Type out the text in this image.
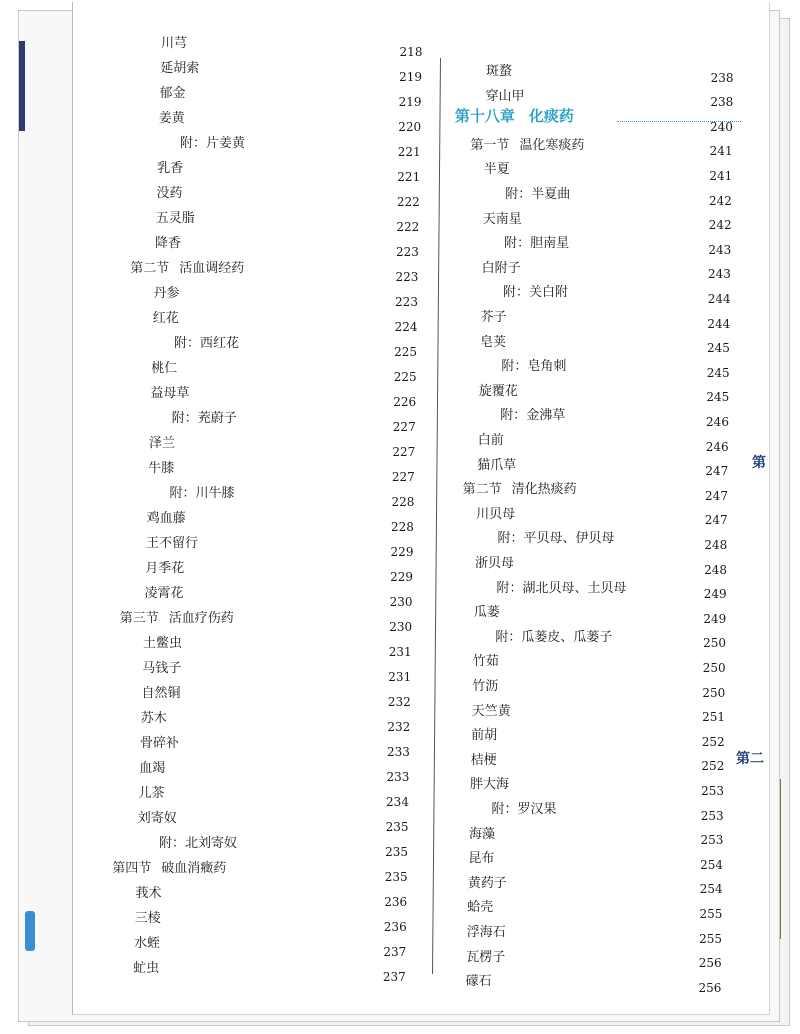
川芎
延胡索
218
郁金
219
姜黄
219
附：片姜黄
220
乳香
221
没药
221
五灵脂
222
降香
222
第二节 活血调经药
223
丹参
223
红花
223
附：西红花
224
桃仁
225
益母草
225
附：茺蔚子
226
泽兰
227
牛膝
227
附：川牛膝
227
鸡血藤
228
王不留行
228
月季花
229
凌霄花
229
第三节 活血疗伤药
230
土鳖虫
230
马钱子
231
自然铜
231
苏木
232
骨碎补
232
血竭
233
儿茶
233
刘寄奴
234
附：北刘寄奴
235
第四节 破血消癥药
235
莪术
235
三棱
236
水蛭
236
虻虫
237
237
斑蝥
穿山甲
238
第十八章 化痰药
238
第一节 温化寒痰药
240
半夏
241
附：半夏曲
241
天南星
242
附：胆南星
242
白附子
243
附：关白附
243
芥子
244
皂荚
244
附：皂角刺
245
旋覆花
245
附：金沸草
245
白前
246
猫爪草
246
第二节 清化热痰药
247
川贝母
247
附：平贝母、伊贝母
247
浙贝母
248
附：湖北贝母、土贝母
248
瓜蒌
249
附：瓜蒌皮、瓜蒌子
249
竹茹
250
竹沥
250
天竺黄
250
前胡
251
桔梗
252
胖大海
252
附：罗汉果
253
海藻
253
昆布
253
黄药子
254
蛤壳
254
浮海石
255
瓦楞子
255
礞石
256
256
第
第二
